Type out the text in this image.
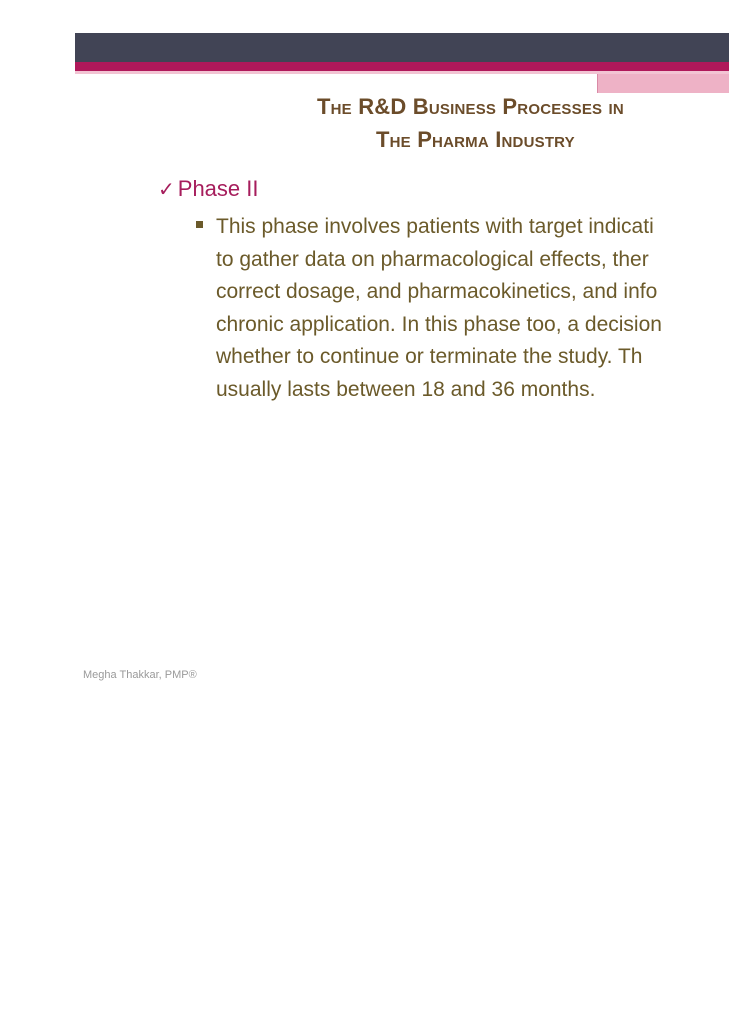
The R&D Business Processes in
The Pharma Industry
✓ Phase II
This phase involves patients with target indicati
to gather data on pharmacological effects, ther
correct dosage, and pharmacokinetics, and info
chronic application. In this phase too, a decision
whether to continue or terminate the study. Th
usually lasts between 18 and 36 months.
Megha Thakkar, PMP®
